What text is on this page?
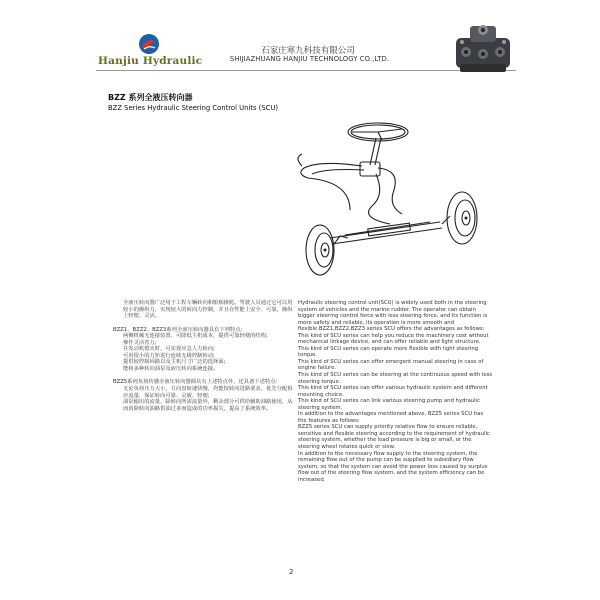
Hanjiu Hydraulic
石家庄寒九科技有限公司
SHIJIAZHUANG HANJIU TECHNOLOGY CO.,LTD.
BZZ 系列全液压转向器
BZZ Series Hydraulic Steering Control Units (SCU)

全液压转向器广泛用于工程车辆转向和船舶操舵。驾驶人员通过它可以用较小的操纵力，实现较大的转向力控制，并且在性能上安全、可靠，操纵上轻便、灵活。

BZZ1、BZZ2、BZZ3系列全液压转向器具有下列特点:

两侧机械无连接装置，可降低主机成本，提供可靠轻便的结构;

操作灵活省力;

在发动机熄火时，可实现应急人力转向;

可用很小的力矩进行连续无级控制转动;

提供较控制回路以及主机尺寸广泛的选择面;

能和多种转向油泵及液压转向系统连接。

BZZ5系列负荷传感全液压转向器除具有上述特点外，还具备下述特点:

无论负荷压力大小，方向盘转速快慢，均能按转向进路要求，优先分配相应流量，保证转向可靠、灵敏、轻便;

油泵输出的流量，除转向所需流量外，剩余部分可供给辅助油路使用，从而消除转向油路供油过多而造成的功率损失，提高了系统效率。

Hydraulic steering control unit(SCU) is widely used both in the steering system of vehicles and the marine rudder. The operator can obtain bigger steering control force with less steering force, and its function is more safety and reliable, its operation is more smooth and flexible.BZZ1,BZZ2,BZZ3 series SCU offers the advantages as follows:

This kind of SCU series can help you reduce the machinery cost without mechanical linkage device, and can offer reliable and light structure.

This kind of SCU series can operate more flexible with light steering torque.

This kind of SCU series can offer emergent manual steering in case of engine failure.

This kind of SCU series can be steering at the continuous speed with less steering torque.

This kind of SCU series can offer various hydraulic system and different mounting choice.

This kind of SCU series can link various steering pump and hydraulic steering system.

In addition to the advantages mentioned above, BZZ5 series SCU has the features as follows:

BZZ5 series SCU can supply priority relative flow to ensure reliable, sensitive and flexible steering according to the requirement of hydraulic steering system, whether the load pressure is big or small, or the steering wheel rotates quick or slow.

In addition to the necessary flow supply to the steering system, the remaining flow out of the pump can be supplied to subsidiary flow system, so that the system can avoid the power loss caused by surplus flow out of the steering flow system, and the system efficiency can be increased.

2
